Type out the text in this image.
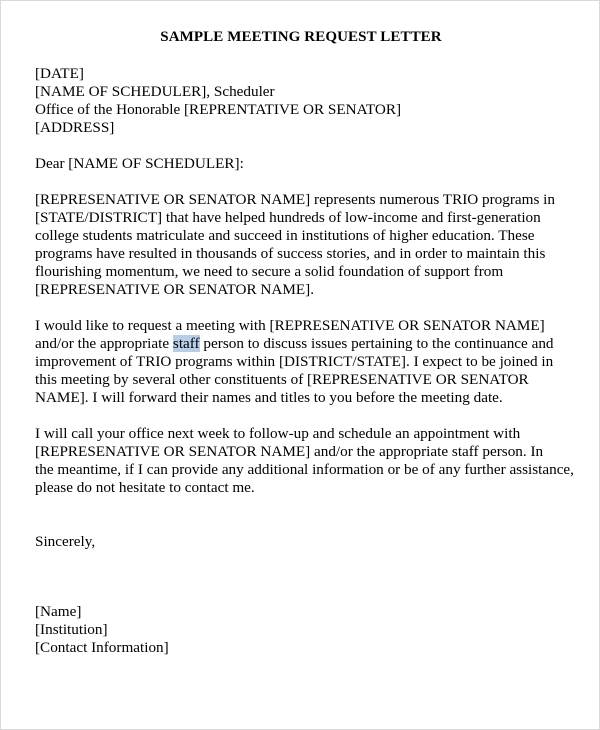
SAMPLE MEETING REQUEST LETTER
[DATE]
[NAME OF SCHEDULER], Scheduler
Office of the Honorable [REPRENTATIVE OR SENATOR]
[ADDRESS]
Dear [NAME OF SCHEDULER]:
[REPRESENATIVE OR SENATOR NAME] represents numerous TRIO programs in
[STATE/DISTRICT] that have helped hundreds of low-income and first-generation
college students matriculate and succeed in institutions of higher education. These
programs have resulted in thousands of success stories, and in order to maintain this
flourishing momentum, we need to secure a solid foundation of support from
[REPRESENATIVE OR SENATOR NAME].
I would like to request a meeting with [REPRESENATIVE OR SENATOR NAME]
and/or the appropriate staff person to discuss issues pertaining to the continuance and
improvement of TRIO programs within [DISTRICT/STATE]. I expect to be joined in
this meeting by several other constituents of [REPRESENATIVE OR SENATOR
NAME]. I will forward their names and titles to you before the meeting date.
I will call your office next week to follow-up and schedule an appointment with
[REPRESENATIVE OR SENATOR NAME] and/or the appropriate staff person. In
the meantime, if I can provide any additional information or be of any further assistance,
please do not hesitate to contact me.
Sincerely,
[Name]
[Institution]
[Contact Information]
